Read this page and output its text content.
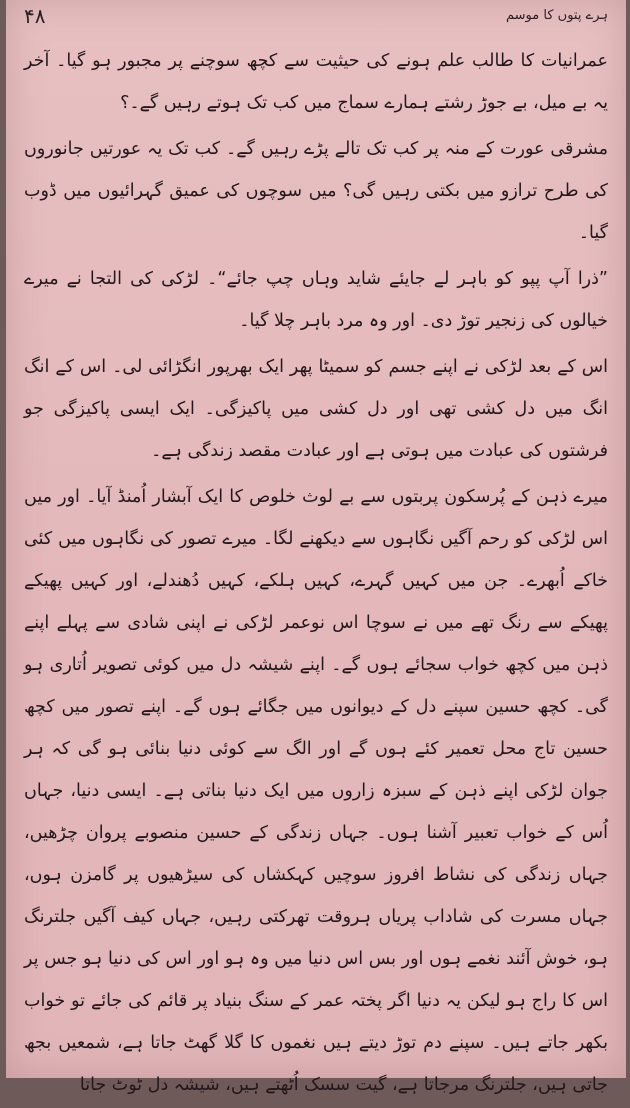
ہرے پتوں کا موسم
۴۸

عمرانیات کا طالب علم ہونے کی حیثیت سے کچھ سوچنے پر مجبور ہو گیا۔ آخر یہ بے میل، بے جوڑ رشتے ہمارے سماج میں کب تک ہوتے رہیں گے۔؟

مشرقی عورت کے منہ پر کب تک تالے پڑے رہیں گے۔ کب تک یہ عورتیں جانوروں کی طرح ترازو میں بکتی رہیں گی؟ میں سوچوں کی عمیق گہرائیوں میں ڈوب گیا۔

”ذرا آپ پپو کو باہر لے جایئے شاید وہاں چپ جائے“۔ لڑکی کی التجا نے میرے خیالوں کی زنجیر توڑ دی۔ اور وہ مرد باہر چلا گیا۔

اس کے بعد لڑکی نے اپنے جسم کو سمیٹا پھر ایک بھرپور انگڑائی لی۔ اس کے انگ انگ میں دل کشی تھی اور دل کشی میں پاکیزگی۔ ایک ایسی پاکیزگی جو فرشتوں کی عبادت میں ہوتی ہے اور عبادت مقصد زندگی ہے۔

میرے ذہن کے پُرسکون پربتوں سے بے لوث خلوص کا ایک آبشار اُمنڈ آیا۔ اور میں اس لڑکی کو رحم آگیں نگاہوں سے دیکھنے لگا۔ میرے تصور کی نگاہوں میں کئی خاکے اُبھرے۔ جن میں کہیں گہرے، کہیں ہلکے، کہیں دُھندلے، اور کہیں پھیکے پھیکے سے رنگ تھے میں نے سوچا اس نوعمر لڑکی نے اپنی شادی سے پہلے اپنے ذہن میں کچھ خواب سجائے ہوں گے۔ اپنے شیشہ دل میں کوئی تصویر اُتاری ہو گی۔ کچھ حسین سپنے دل کے دیوانوں میں جگائے ہوں گے۔ اپنے تصور میں کچھ حسین تاج محل تعمیر کئے ہوں گے اور الگ سے کوئی دنیا بنائی ہو گی کہ ہر جوان لڑکی اپنے ذہن کے سبزہ زاروں میں ایک دنیا بناتی ہے۔ ایسی دنیا، جہاں اُس کے خواب تعبیر آشنا ہوں۔ جہاں زندگی کے حسین منصوبے پروان چڑھیں، جہاں زندگی کی نشاط افروز سوچیں کہکشاں کی سیڑھیوں پر گامزن ہوں، جہاں مسرت کی شاداب پریاں ہروقت تھرکتی رہیں، جہاں کیف آگیں جلترنگ ہو، خوش آئند نغمے ہوں اور بس اس دنیا میں وہ ہو اور اس کی دنیا ہو جس پر اس کا راج ہو لیکن یہ دنیا اگر پختہ عمر کے سنگ بنیاد پر قائم کی جائے تو خواب بکھر جاتے ہیں۔ سپنے دم توڑ دیتے ہیں نغموں کا گلا گھٹ جاتا ہے، شمعیں بجھ جاتی ہیں، جلترنگ مرجاتا ہے، گیت سسک اُٹھتے ہیں، شیشہ دل ٹوٹ جاتا
